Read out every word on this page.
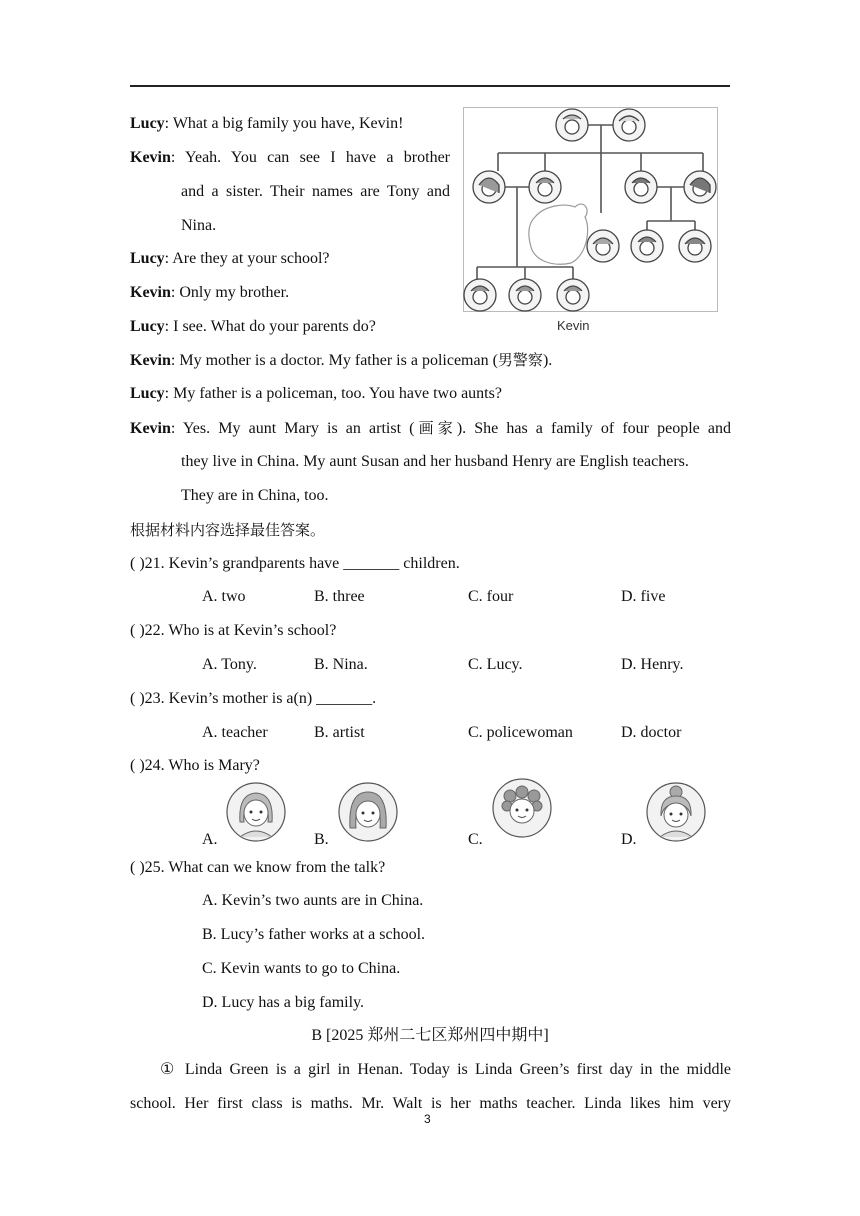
Lucy: What a big family you have, Kevin!
Kevin: Yeah. You can see I have a brother
and a sister. Their names are Tony and
Nina.
Lucy: Are they at your school?
Kevin: Only my brother.
Lucy: I see. What do your parents do?
Kevin: My mother is a doctor. My father is a policeman (男警察).
Lucy: My father is a policeman, too. You have two aunts?
Kevin: Yes. My aunt Mary is an artist (画家). She has a family of four people and
they live in China. My aunt Susan and her husband Henry are English teachers.
They are in China, too.
Kevin
根据材料内容选择最佳答案。
( )21. Kevin’s grandparents have _______ children.
A. two	B. three	C. four	D. five
( )22. Who is at Kevin’s school?
A. Tony.	B. Nina.	C. Lucy.	D. Henry.
( )23. Kevin’s mother is a(n) _______.
A. teacher	B. artist	C. policewoman	D. doctor
( )24. Who is Mary?
A.	B.	C.	D.
( )25. What can we know from the talk?
A. Kevin’s two aunts are in China.
B. Lucy’s father works at a school.
C. Kevin wants to go to China.
D. Lucy has a big family.
B [2025 郑州二七区郑州四中期中]
① Linda Green is a girl in Henan. Today is Linda Green’s first day in the middle
school. Her first class is maths. Mr. Walt is her maths teacher. Linda likes him very
3
